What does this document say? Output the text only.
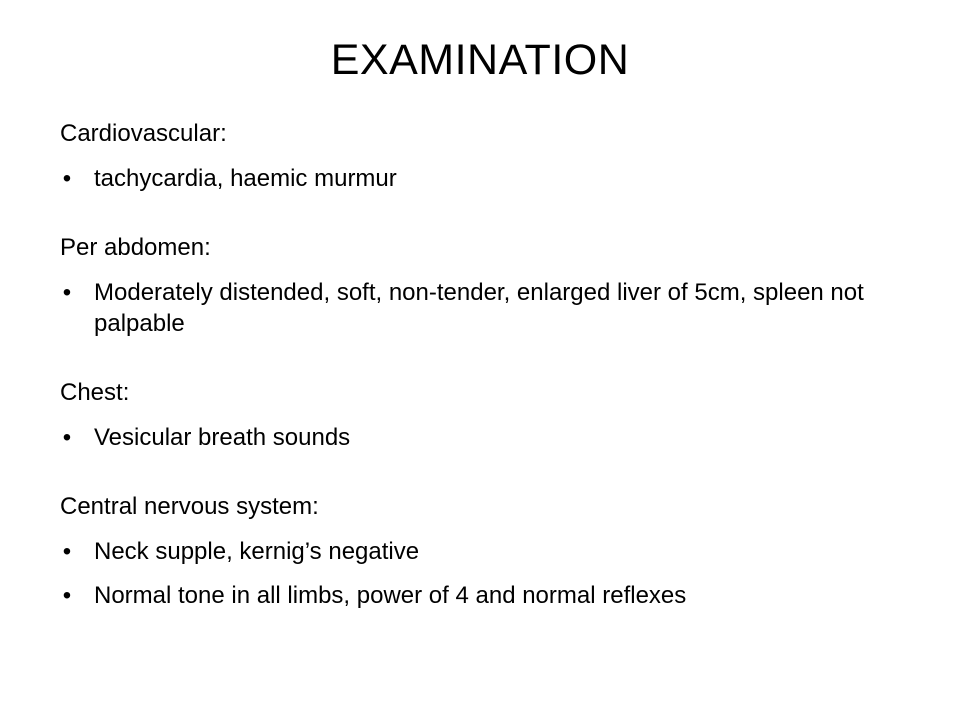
EXAMINATION
Cardiovascular:
• tachycardia, haemic murmur
Per abdomen:
• Moderately distended, soft, non-tender, enlarged liver of 5cm, spleen not palpable
Chest:
• Vesicular breath sounds
Central nervous system:
• Neck supple, kernig’s negative
• Normal tone in all limbs, power of 4 and normal reflexes
